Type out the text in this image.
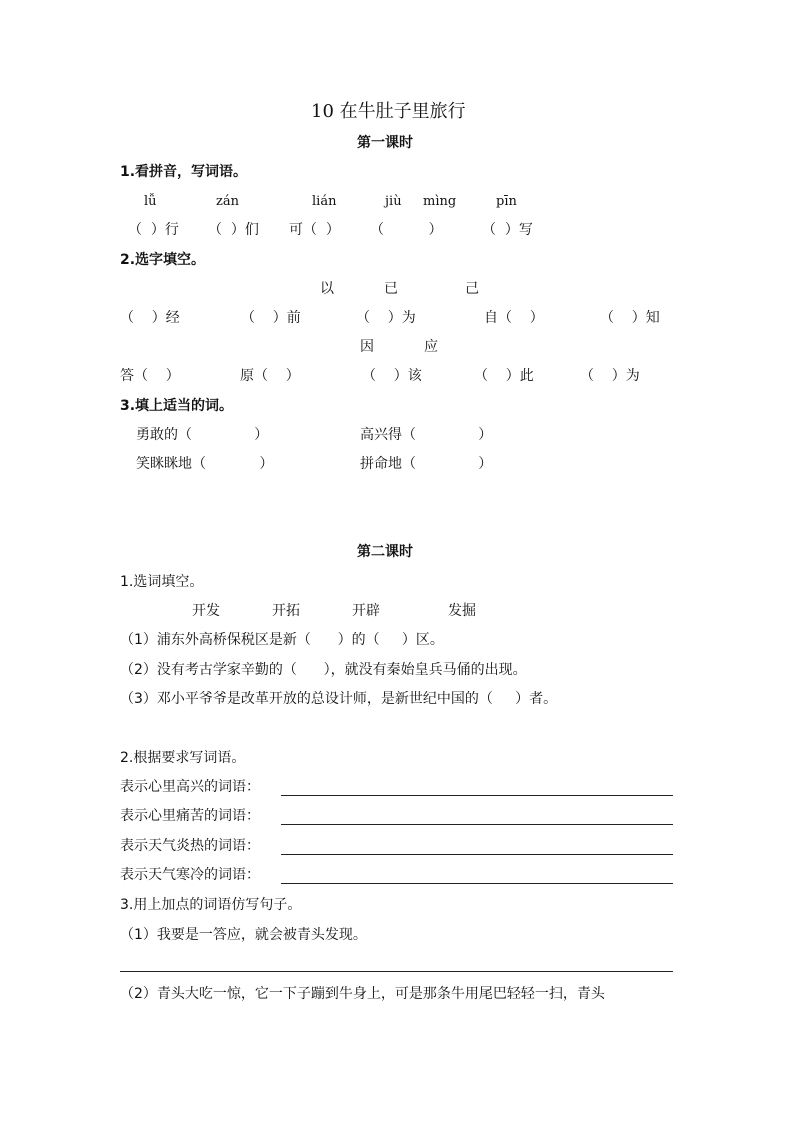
10 在牛肚子里旅行
第一课时
1.看拼音，写词语。
lǚ	zán	lián	jiù mìng	pīn
（  ）行 （  ）们 可（  ） （          ）	（  ）写
2.选字填空。
以	已	己
（    ）经	（    ）前	（    ）为	自（    ）	（    ）知
因	应
答（    ）	原（    ）	（    ）该	（    ）此	（    ）为
3.填上适当的词。
勇敢的（              ）	高兴得（              ）
笑眯眯地（            ）	拼命地（              ）
第二课时
1.选词填空。
开发	开拓	开辟	发掘
（1）浦东外高桥保税区是新（      ）的（     ）区。
（2）没有考古学家辛勤的（      ），就没有秦始皇兵马俑的出现。
（3）邓小平爷爷是改革开放的总设计师，是新世纪中国的（     ）者。
2.根据要求写词语。
表示心里高兴的词语：
表示心里痛苦的词语：
表示天气炎热的词语：
表示天气寒冷的词语：
3.用上加点的词语仿写句子。
（1）我要是一答应，就会被青头发现。
（2）青头大吃一惊，它一下子蹦到牛身上，可是那条牛用尾巴轻轻一扫，青头
